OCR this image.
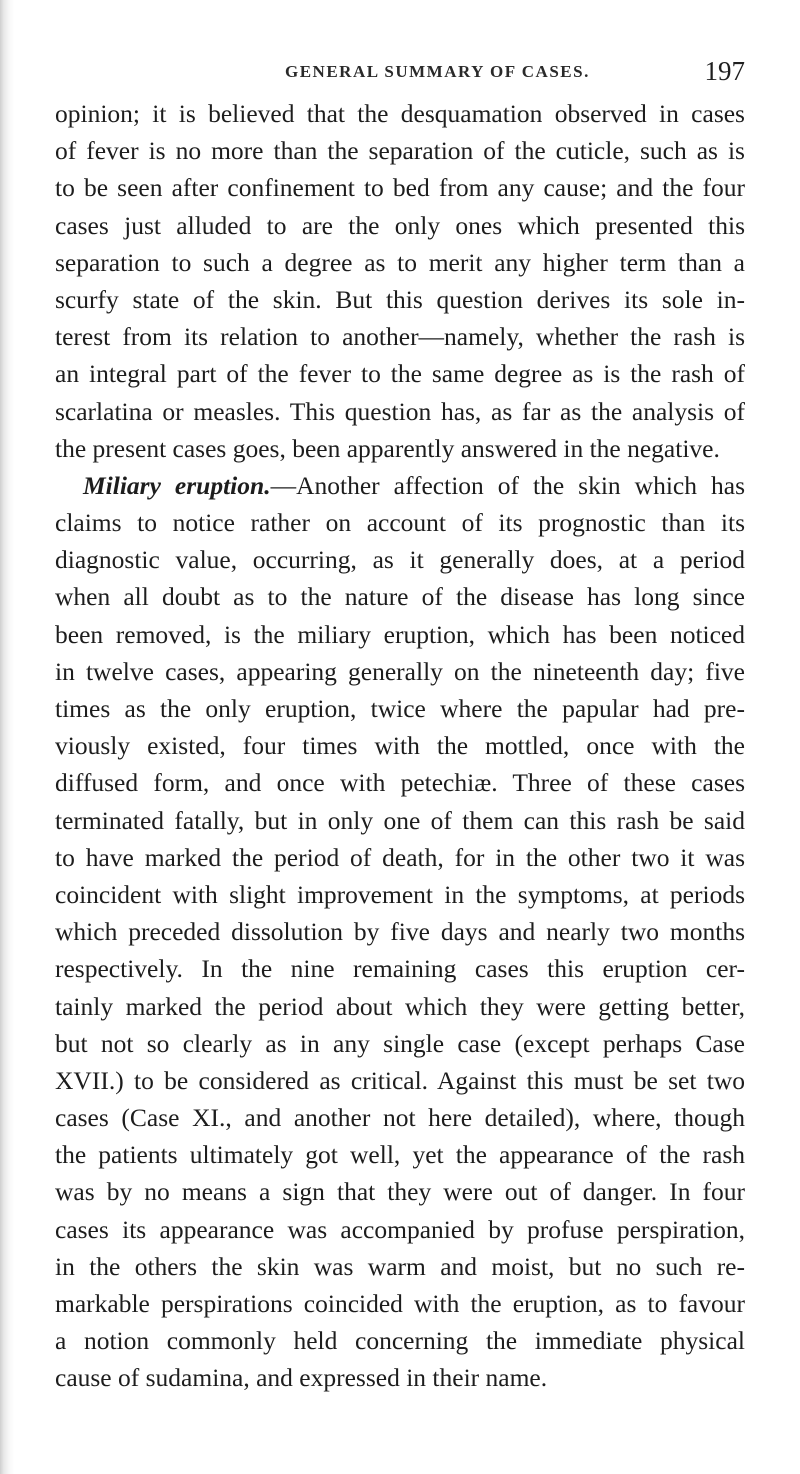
GENERAL SUMMARY OF CASES.	197
opinion; it is believed that the desquamation observed in cases
of fever is no more than the separation of the cuticle, such as is
to be seen after confinement to bed from any cause; and the four
cases just alluded to are the only ones which presented this
separation to such a degree as to merit any higher term than a
scurfy state of the skin. But this question derives its sole in-
terest from its relation to another—namely, whether the rash is
an integral part of the fever to the same degree as is the rash of
scarlatina or measles. This question has, as far as the analysis of
the present cases goes, been apparently answered in the negative.
Miliary eruption.—Another affection of the skin which has
claims to notice rather on account of its prognostic than its
diagnostic value, occurring, as it generally does, at a period
when all doubt as to the nature of the disease has long since
been removed, is the miliary eruption, which has been noticed
in twelve cases, appearing generally on the nineteenth day; five
times as the only eruption, twice where the papular had pre-
viously existed, four times with the mottled, once with the
diffused form, and once with petechiæ. Three of these cases
terminated fatally, but in only one of them can this rash be said
to have marked the period of death, for in the other two it was
coincident with slight improvement in the symptoms, at periods
which preceded dissolution by five days and nearly two months
respectively. In the nine remaining cases this eruption cer-
tainly marked the period about which they were getting better,
but not so clearly as in any single case (except perhaps Case
XVII.) to be considered as critical. Against this must be set two
cases (Case XI., and another not here detailed), where, though
the patients ultimately got well, yet the appearance of the rash
was by no means a sign that they were out of danger. In four
cases its appearance was accompanied by profuse perspiration,
in the others the skin was warm and moist, but no such re-
markable perspirations coincided with the eruption, as to favour
a notion commonly held concerning the immediate physical
cause of sudamina, and expressed in their name.
